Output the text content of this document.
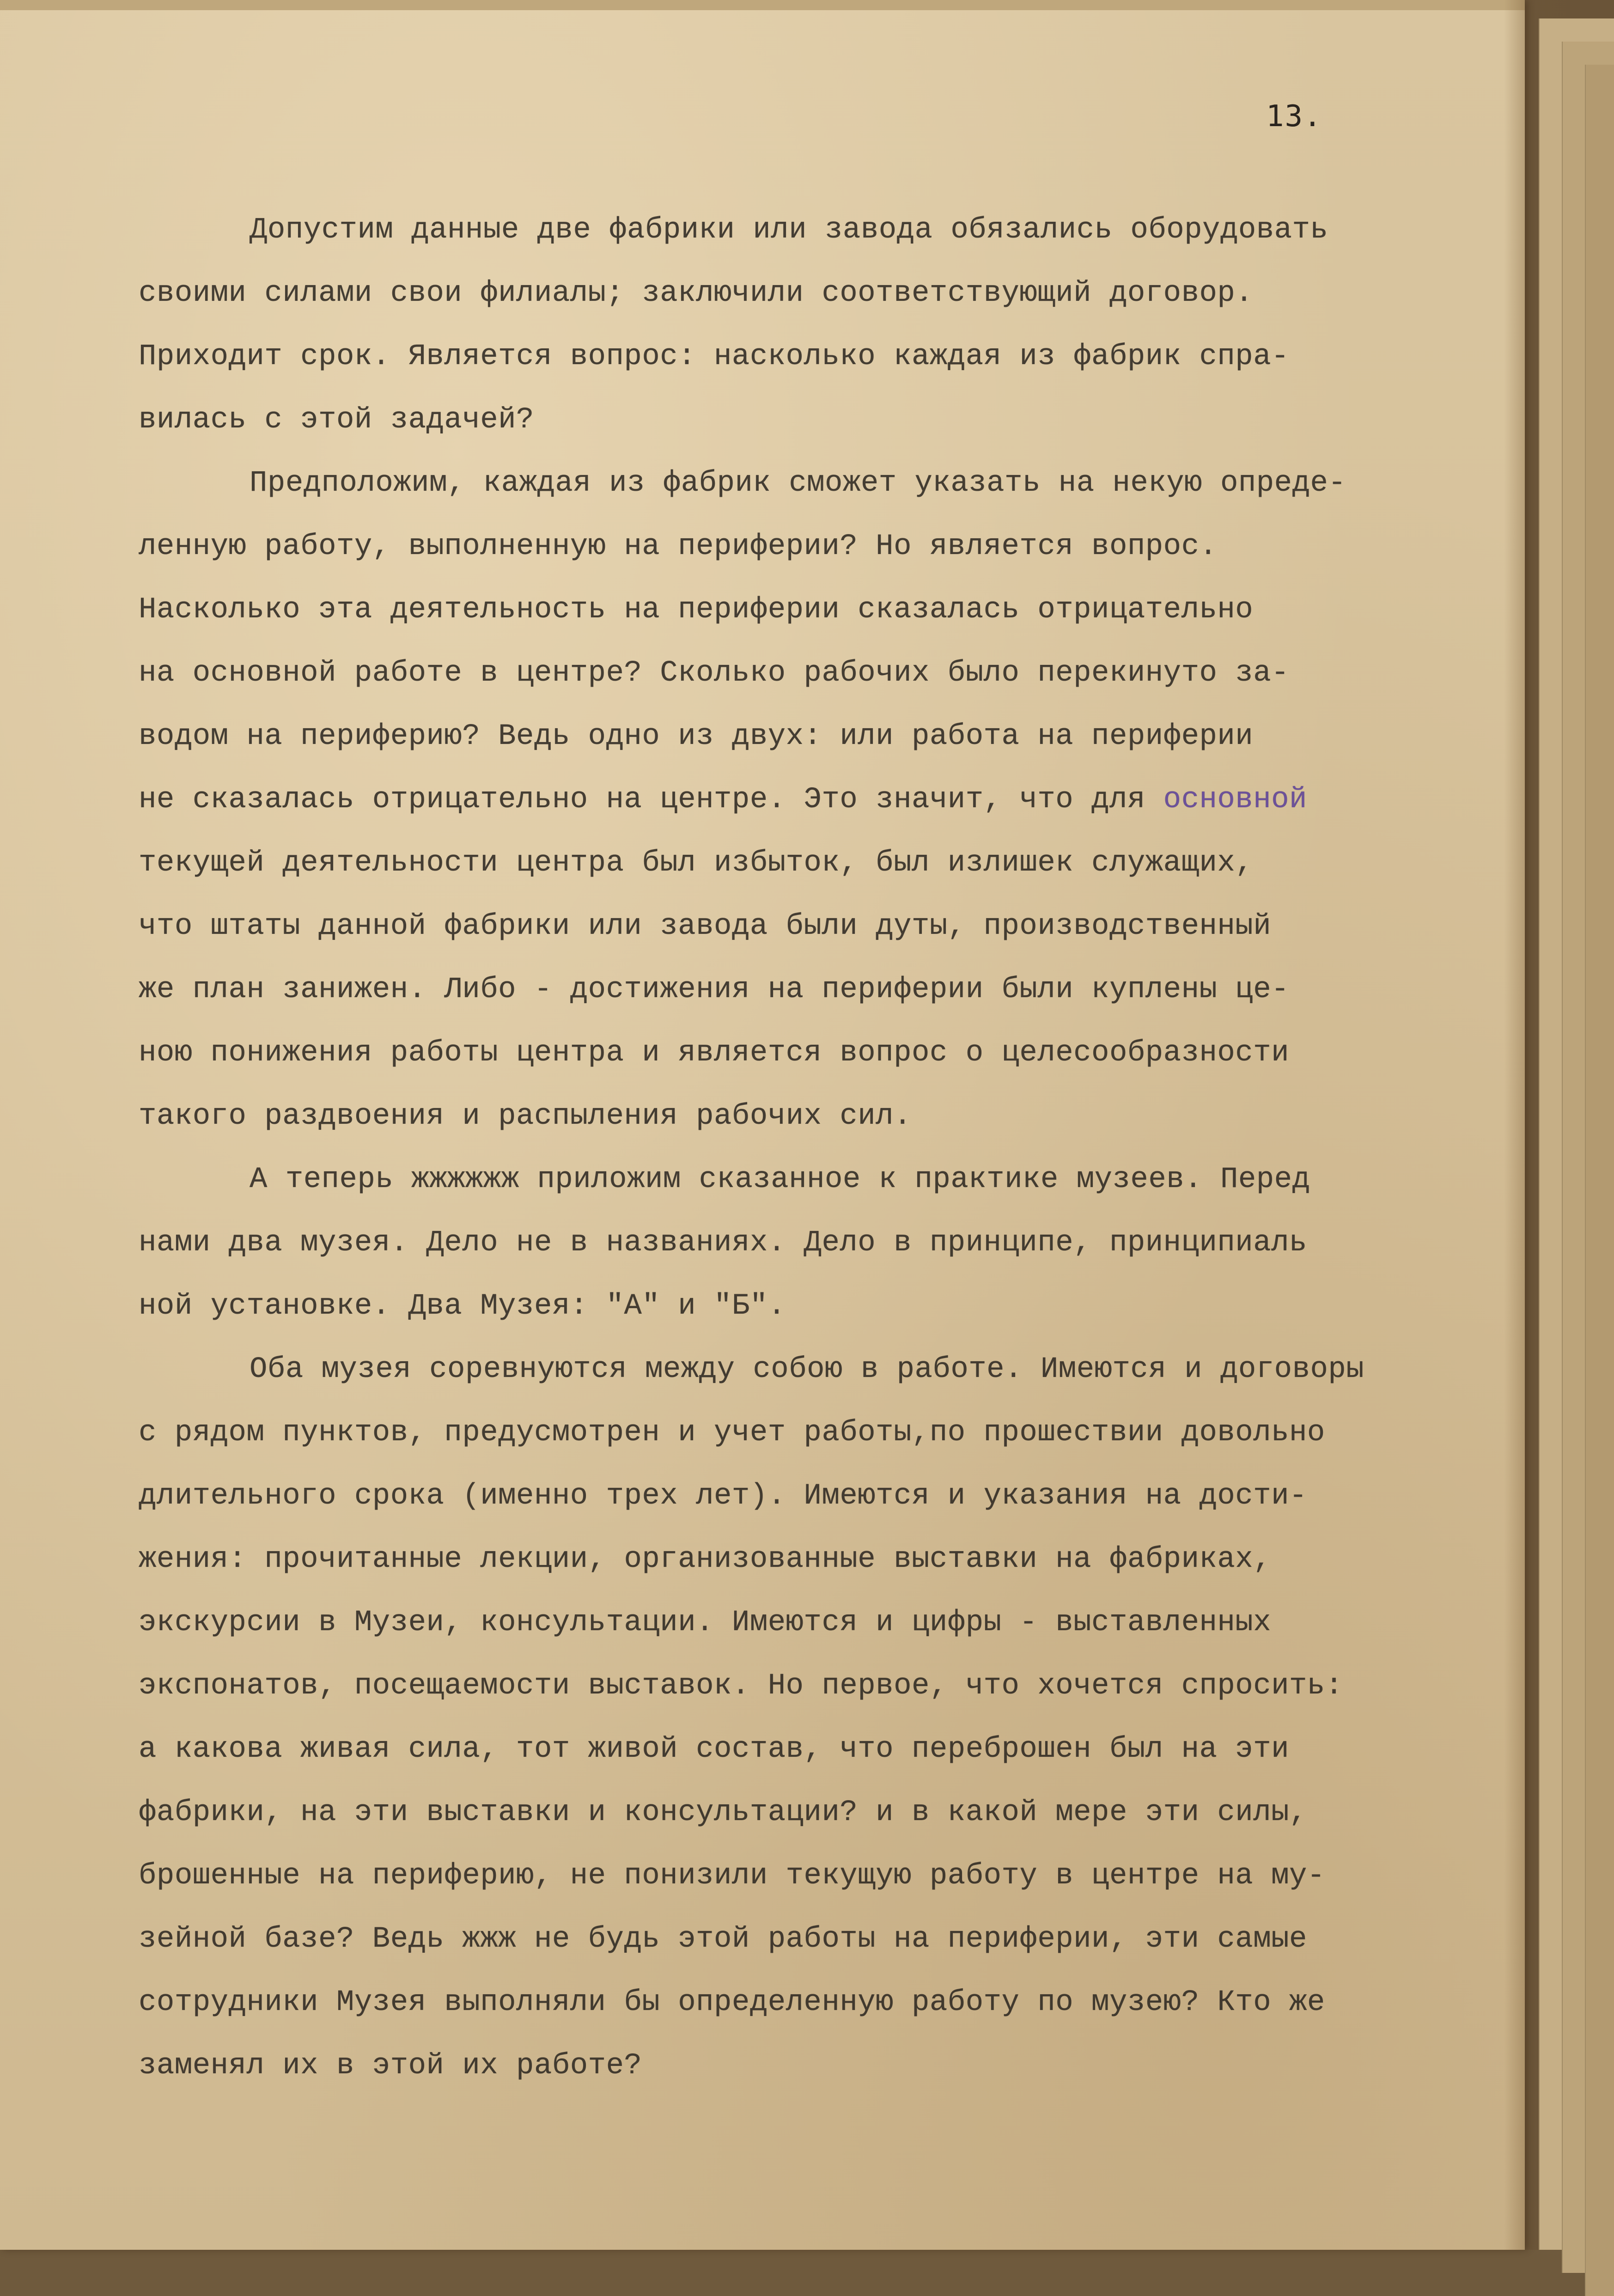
13.
Допустим данные две фабрики или завода обязались оборудовать
своими силами свои филиалы; заключили соответствующий договор.
Приходит срок. Является вопрос: насколько каждая из фабрик спра-
вилась с этой задачей?
Предположим, каждая из фабрик сможет указать на некую опреде-
ленную работу, выполненную на периферии? Но является вопрос.
Насколько эта деятельность на периферии сказалась отрицательно
на основной работе в центре? Сколько рабочих было перекинуто за-
водом на периферию? Ведь одно из двух: или работа на периферии
не сказалась отрицательно на центре. Это значит, что для основной
текущей деятельности центра был избыток, был излишек служащих,
что штаты данной фабрики или завода были дуты, производственный
же план занижен. Либо - достижения на периферии были куплены це-
ною понижения работы центра и является вопрос о целесообразности
такого раздвоения и распыления рабочих сил.
А теперь жжжжжж приложим сказанное к практике музеев. Перед
нами два музея. Дело не в названиях. Дело в принципе, принципиаль
ной установке. Два Музея: "А" и "Б".
Оба музея соревнуются между собою в работе. Имеются и договоры
с рядом пунктов, предусмотрен и учет работы,по прошествии довольно
длительного срока (именно трех лет). Имеются и указания на дости-
жения: прочитанные лекции, организованные выставки на фабриках,
экскурсии в Музеи, консультации. Имеются и цифры - выставленных
экспонатов, посещаемости выставок. Но первое, что хочется спросить:
а какова живая сила, тот живой состав, что переброшен был на эти
фабрики, на эти выставки и консультации? и в какой мере эти силы,
брошенные на периферию, не понизили текущую работу в центре на му-
зейной базе? Ведь жжж не будь этой работы на периферии, эти самые
сотрудники Музея выполняли бы определенную работу по музею? Кто же
заменял их в этой их работе?
